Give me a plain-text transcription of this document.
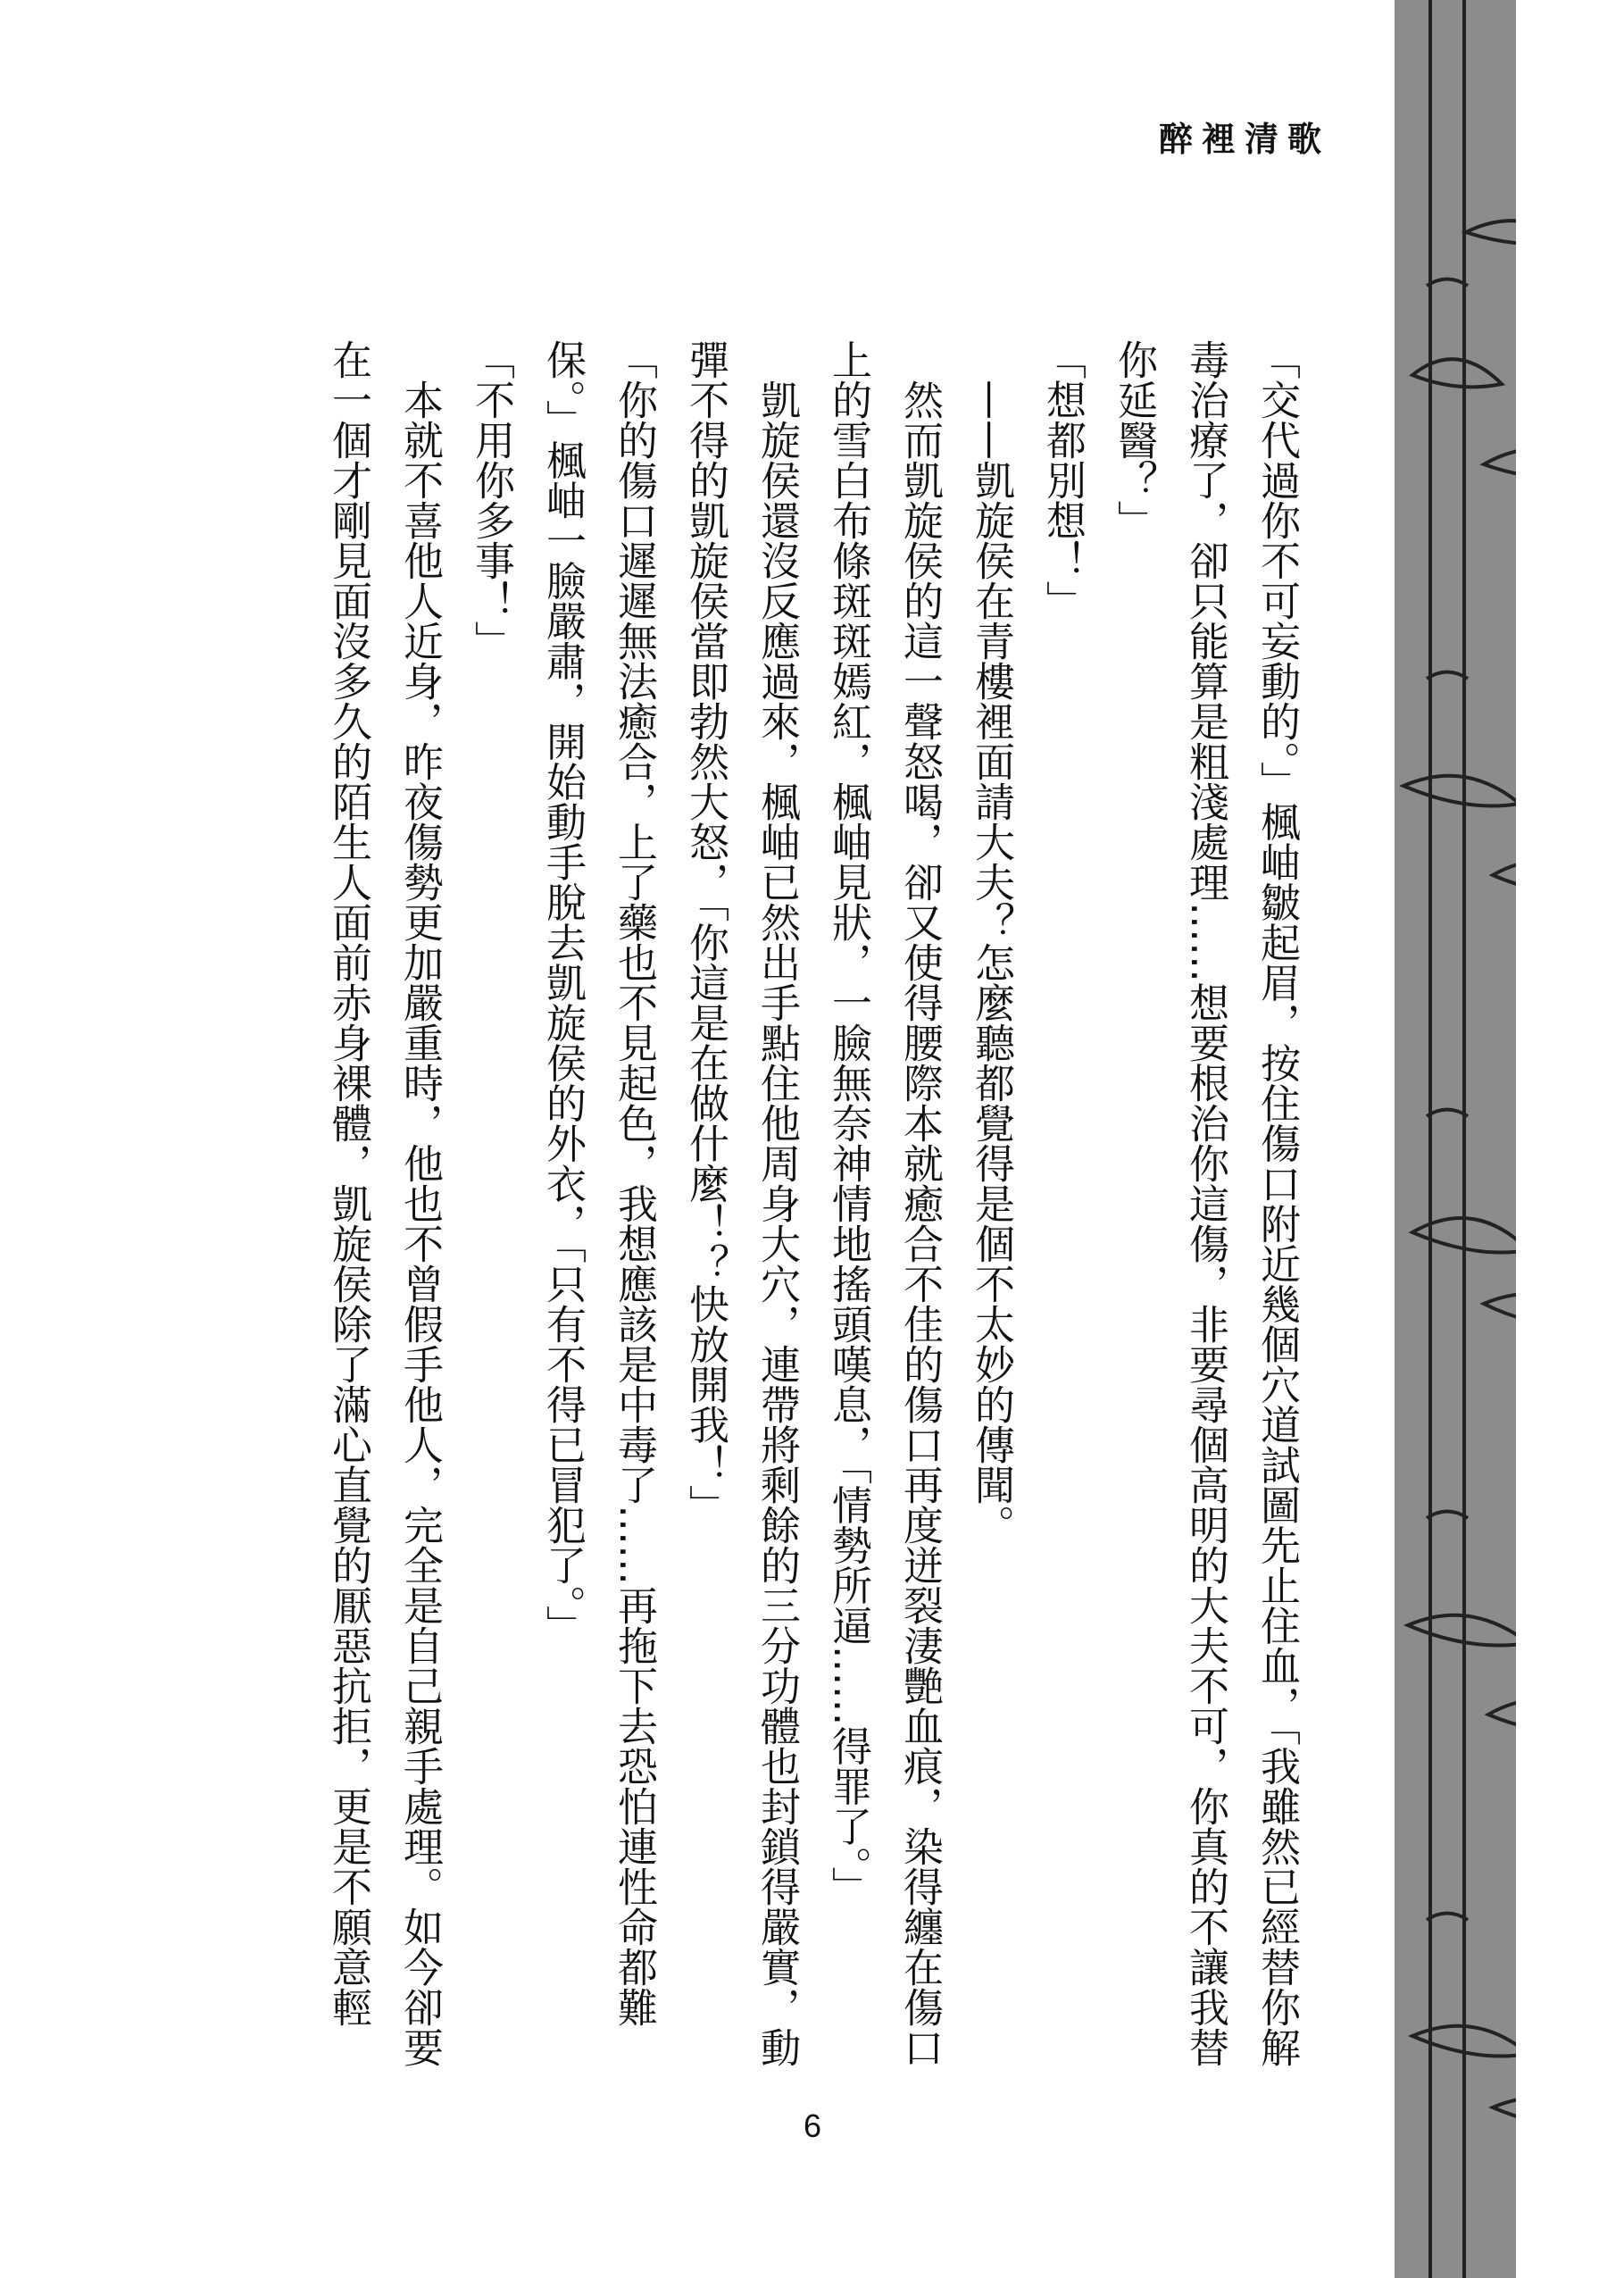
醉裡清歌

「交代過你不可妄動的。」楓岫皺起眉，按住傷口附近幾個穴道試圖先止住血，「我雖然已經替你解毒治療了，卻只能算是粗淺處理……想要根治你這傷，非要尋個高明的大夫不可，你真的不讓我替你延醫？」

「想都別想！」

——凱旋侯在青樓裡面請大夫？怎麼聽都覺得是個不太妙的傳聞。

然而凱旋侯的這一聲怒喝，卻又使得腰際本就癒合不佳的傷口再度迸裂淒艷血痕，染得纏在傷口上的雪白布條斑斑嫣紅，楓岫見狀，一臉無奈神情地搖頭嘆息，「情勢所逼……得罪了。」

凱旋侯還沒反應過來，楓岫已然出手點住他周身大穴，連帶將剩餘的三分功體也封鎖得嚴實，動彈不得的凱旋侯當即勃然大怒，「你這是在做什麼！？快放開我！」

「你的傷口遲遲無法癒合，上了藥也不見起色，我想應該是中毒了……再拖下去恐怕連性命都難保。」楓岫一臉嚴肅，開始動手脫去凱旋侯的外衣，「只有不得已冒犯了。」

「不用你多事！」

本就不喜他人近身，昨夜傷勢更加嚴重時，他也不曾假手他人，完全是自己親手處理。如今卻要在一個才剛見面沒多久的陌生人面前赤身裸體，凱旋侯除了滿心直覺的厭惡抗拒，更是不願意輕

6
